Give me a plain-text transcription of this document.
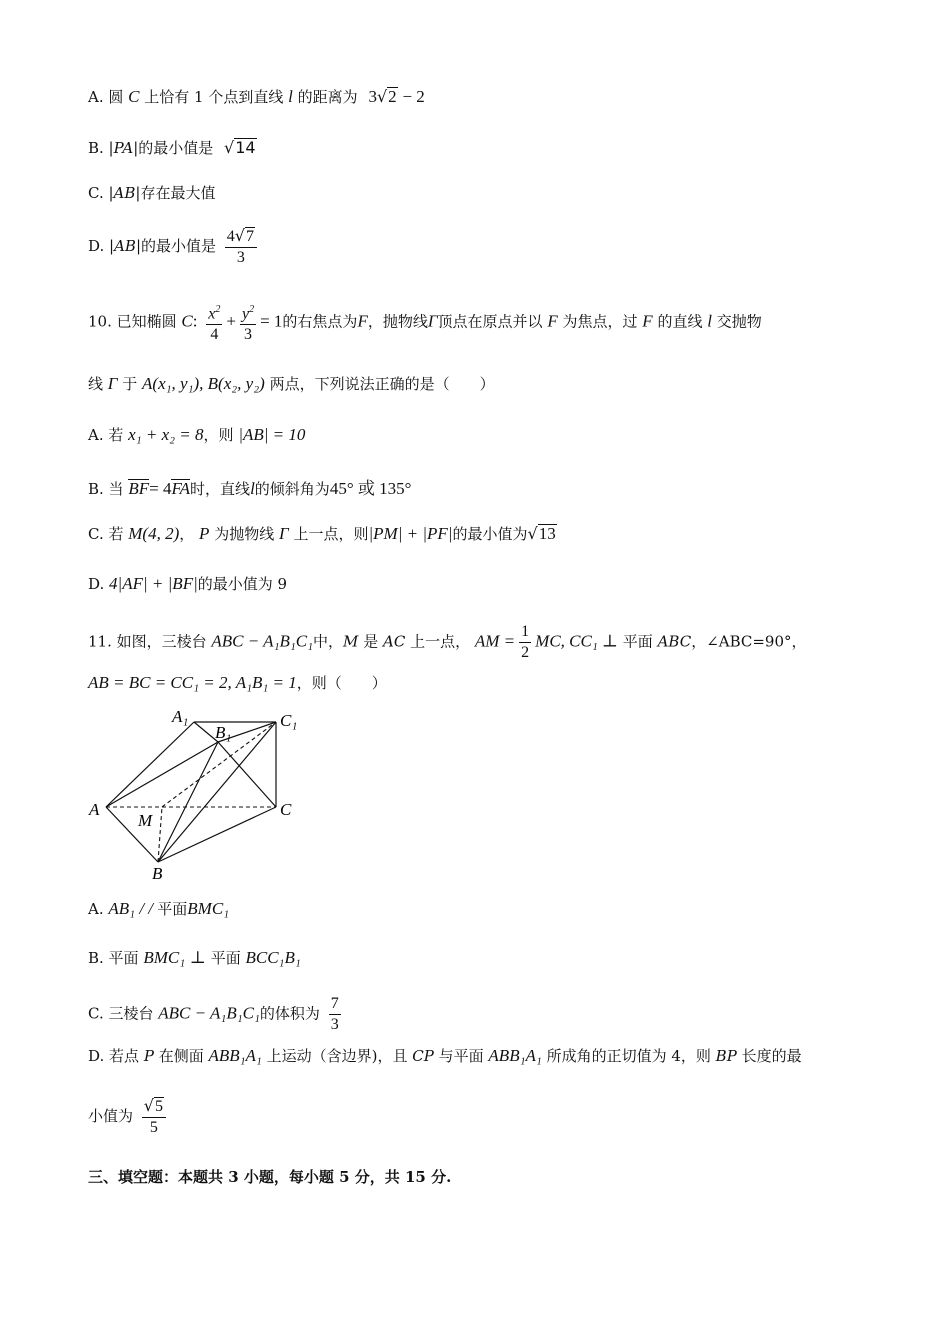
A. 圆 C 上恰有 1 个点到直线 l 的距离为 3√2 − 2
B. |PA|的最小值是 √14
C. |AB|存在最大值
D. |AB|的最小值是 $\frac{4√7}{3}$
10. 已知椭圆 C: $\frac{x^2}{4} + \frac{y^2}{3} = 1$的右焦点为F，抛物线Γ顶点在原点并以 F 为焦点，过 F 的直线 l 交抛物
线 Γ 于 A(x₁, y₁), B(x₂, y₂) 两点，下列说法正确的是（　　）
A. 若 x₁ + x₂ = 8，则 |AB| = 10
B. 当 BF= 4FA时，直线l的倾斜角为45° 或 135°
C. 若 M(4, 2)， P 为抛物线 Γ 上一点，则|PM| + |PF|的最小值为√13
D. 4|AF| + |BF|的最小值为 9
11. 如图，三棱台 ABC − A₁B₁C₁中，M 是 AC 上一点， AM = $\frac{1}{2}$ MC, CC₁ ⊥ 平面 ABC，∠ABC=90°，
AB = BC = CC₁ = 2, A₁B₁ = 1，则（　　）
A₁
B₁
C₁
A
M
C
B
A. AB₁ / / 平面BMC₁
B. 平面 BMC₁ ⊥ 平面 BCC₁B₁
C. 三棱台 ABC − A₁B₁C₁的体积为 $\frac{7}{3}$
D. 若点 P 在侧面 ABB₁A₁ 上运动（含边界)，且 CP 与平面 ABB₁A₁ 所成角的正切值为 4，则 BP 长度的最
小值为 $\frac{√5}{5}$
三、填空题：本题共 3 小题，每小题 5 分，共 15 分.
